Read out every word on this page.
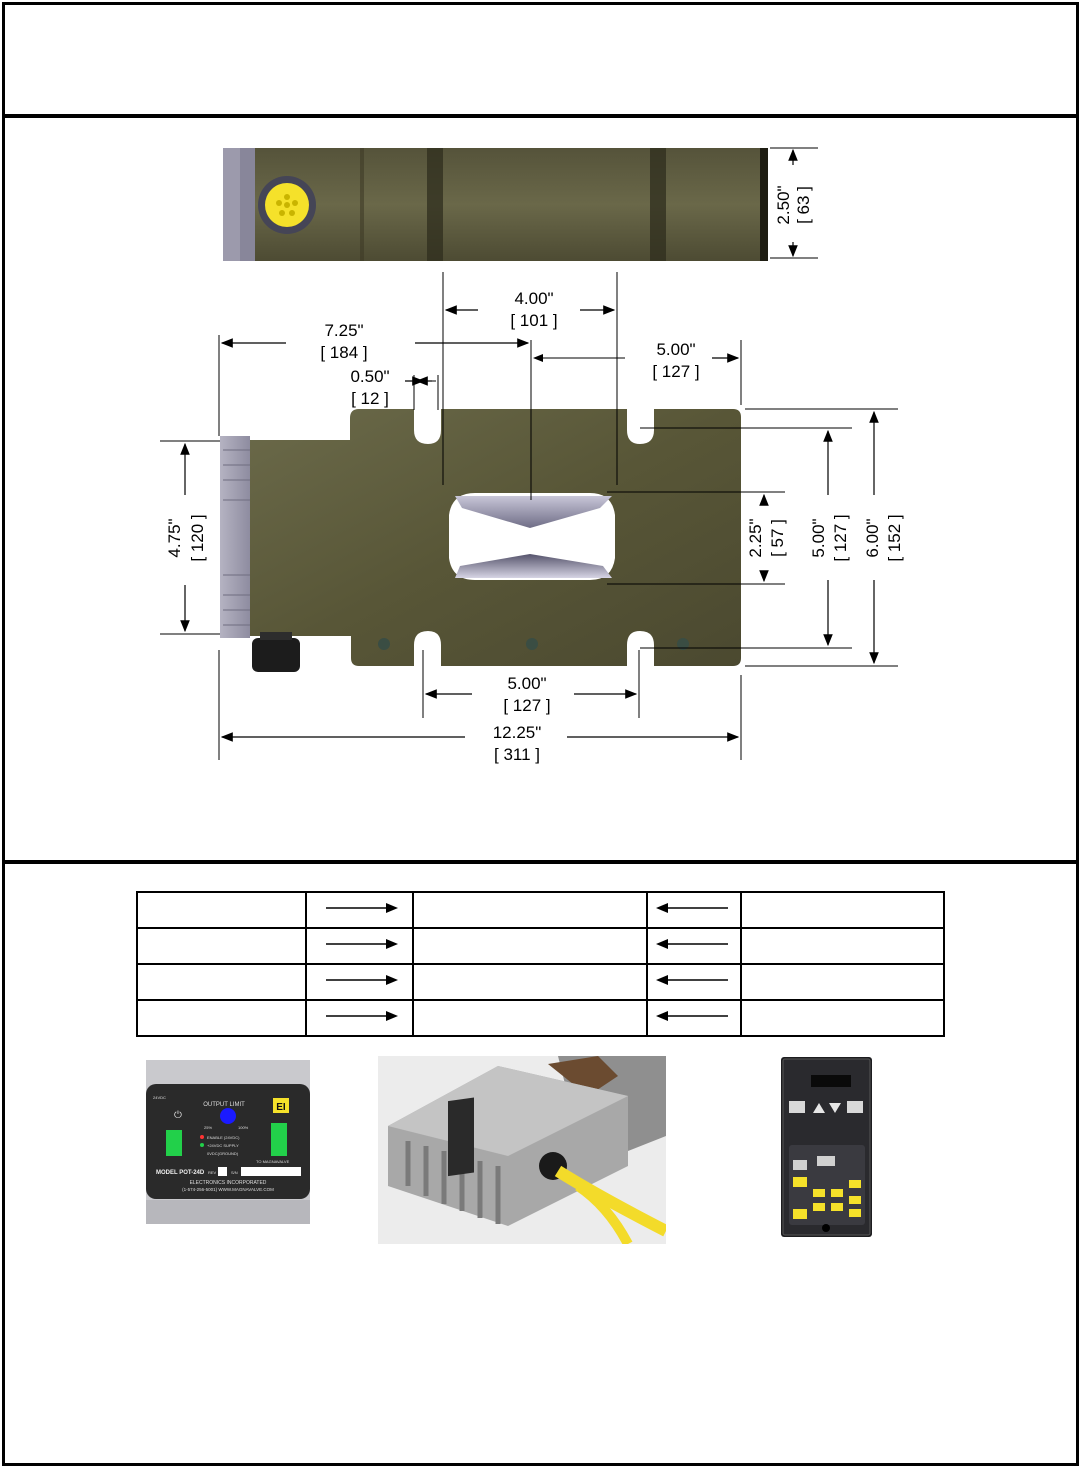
2.50" [ 63 ]
4.00"
[ 101 ]
7.25"
[ 184 ]	5.00"
[ 127 ]
0.50"
[ 12 ]
4.75" [ 120 ]	2.25" [ 57 ] 5.00" [ 127 ] 6.00" [ 152 ]
5.00"
[ 127 ]
12.25"
[ 311 ]

OUTPUT LIMIT
25%	100%
24VDC
⏻
EI
ENABLE (24VDC)
+24VDC SUPPLY
0VDC(GROUND)
TO MAGNAVALVE
MODEL POT-24D REV	S/N
ELECTRONICS INCORPORATED
(1-574-256-5001) WWW.MAGNAVALVE.COM
